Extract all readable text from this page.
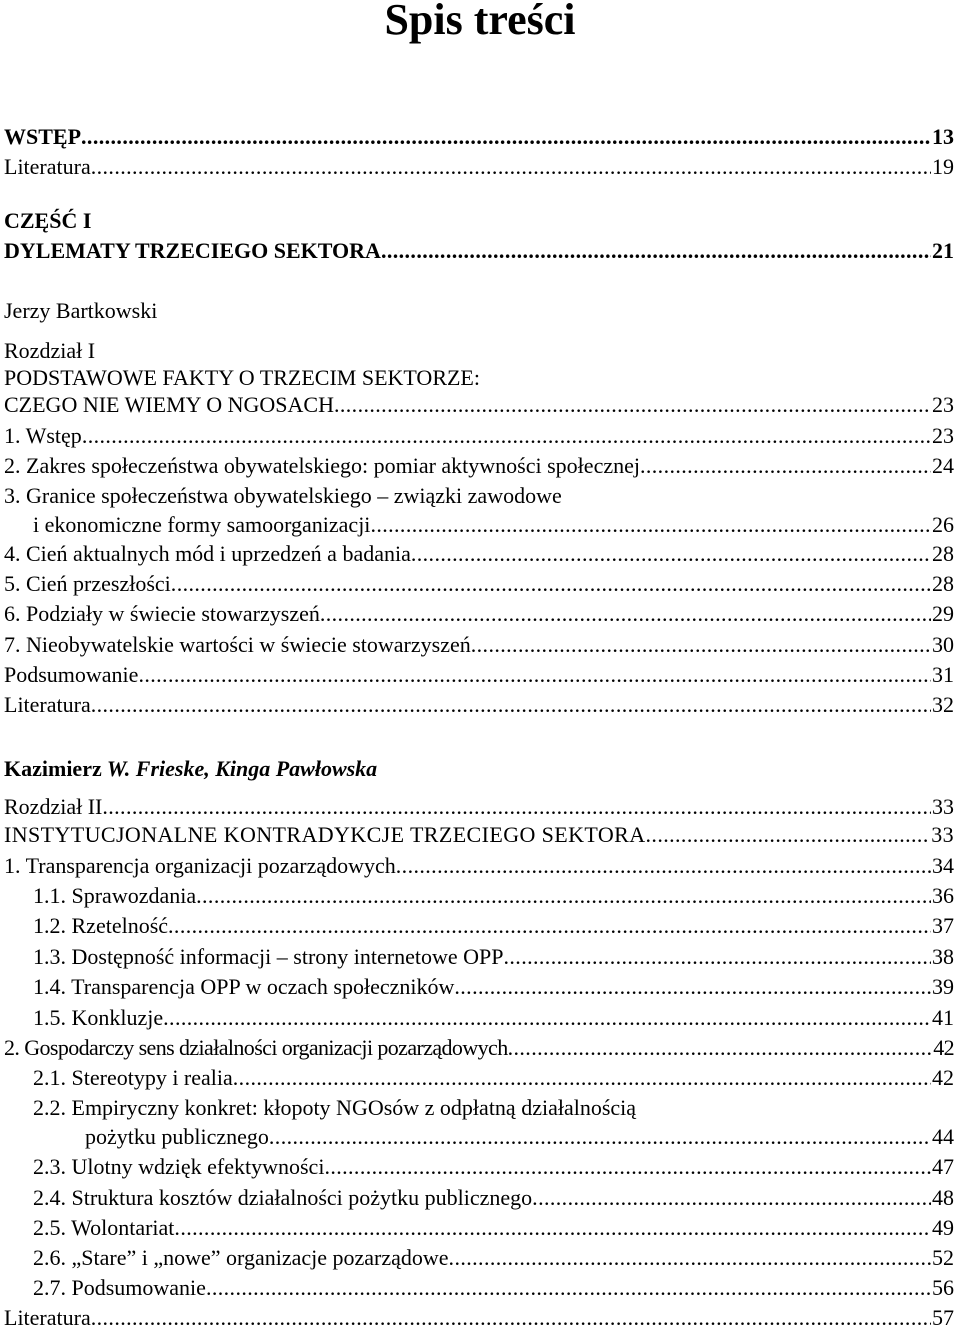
Spis treści
WSTĘP .....	13
Literatura .....	19
CZĘŚĆ I
DYLEMATY TRZECIEGO SEKTORA .....	21
Jerzy Bartkowski
Rozdział I
PODSTAWOWE FAKTY O TRZECIM SEKTORZE:
CZEGO NIE WIEMY O NGOSACH .....	23
1. Wstęp .....	23
2. Zakres społeczeństwa obywatelskiego: pomiar aktywności społecznej .....	24
3. Granice społeczeństwa obywatelskiego – związki zawodowe
i ekonomiczne formy samoorganizacji .....	26
4. Cień aktualnych mód i uprzedzeń a badania .....	28
5. Cień przeszłości .....	28
6. Podziały w świecie stowarzyszeń .....	29
7. Nieobywatelskie wartości w świecie stowarzyszeń .....	30
Podsumowanie .....	31
Literatura .....	32
Kazimierz W. Frieske, Kinga Pawłowska
Rozdział II .....	33
INSTYTUCJONALNE KONTRADYKCJE TRZECIEGO SEKTORA .....	33
1. Transparencja organizacji pozarządowych .....	34
1.1. Sprawozdania .....	36
1.2. Rzetelność .....	37
1.3. Dostępność informacji – strony internetowe OPP .....	38
1.4. Transparencja OPP w oczach społeczników .....	39
1.5. Konkluzje .....	41
2. Gospodarczy sens działalności organizacji pozarządowych .....	42
2.1. Stereotypy i realia .....	42
2.2. Empiryczny konkret: kłopoty NGOsów z odpłatną działalnością
pożytku publicznego .....	44
2.3. Ulotny wdzięk efektywności .....	47
2.4. Struktura kosztów działalności pożytku publicznego .....	48
2.5. Wolontariat .....	49
2.6. „Stare” i „nowe” organizacje pozarządowe .....	52
2.7. Podsumowanie .....	56
Literatura .....	57
